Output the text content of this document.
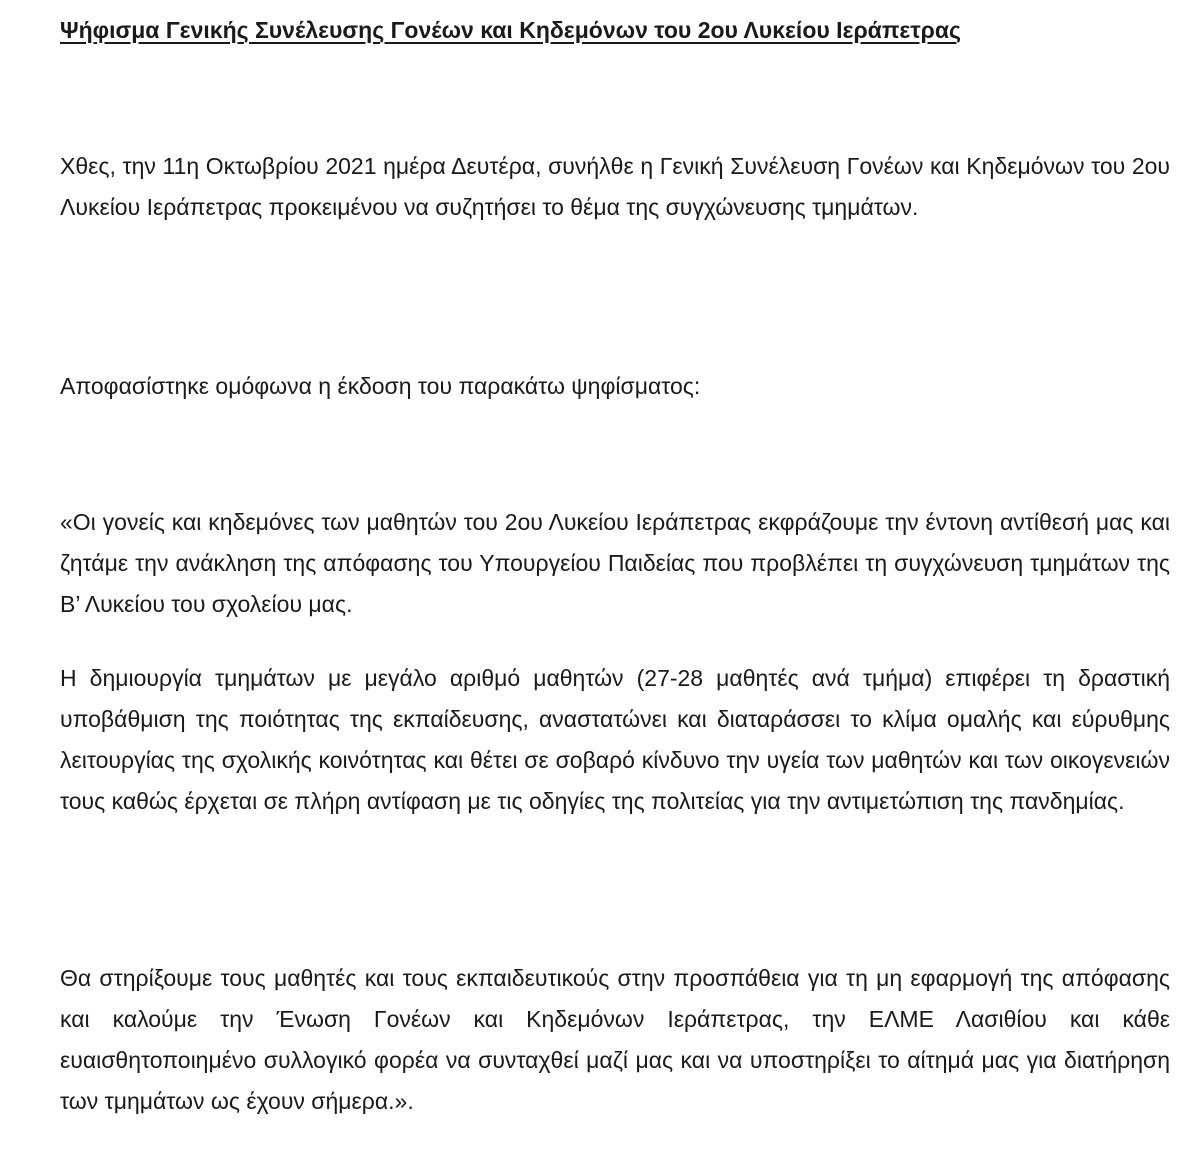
Ψήφισμα Γενικής Συνέλευσης Γονέων και Κηδεμόνων του 2ου Λυκείου Ιεράπετρας

Χθες, την 11η Οκτωβρίου 2021 ημέρα Δευτέρα, συνήλθε η Γενική Συνέλευση Γονέων και Κηδεμόνων του 2ου Λυκείου Ιεράπετρας προκειμένου να συζητήσει το θέμα της συγχώνευσης τμημάτων.

Αποφασίστηκε ομόφωνα η έκδοση του παρακάτω ψηφίσματος:

«Οι γονείς και κηδεμόνες των μαθητών του 2ου Λυκείου Ιεράπετρας εκφράζουμε την έντονη αντίθεσή μας και ζητάμε την ανάκληση της απόφασης του Υπουργείου Παιδείας που προβλέπει τη συγχώνευση τμημάτων της Β’ Λυκείου του σχολείου μας.

Η δημιουργία τμημάτων με μεγάλο αριθμό μαθητών (27-28 μαθητές ανά τμήμα) επιφέρει τη δραστική υποβάθμιση της ποιότητας της εκπαίδευσης, αναστατώνει και διαταράσσει το κλίμα ομαλής και εύρυθμης λειτουργίας της σχολικής κοινότητας και θέτει σε σοβαρό κίνδυνο την υγεία των μαθητών και των οικογενειών τους καθώς έρχεται σε πλήρη αντίφαση με τις οδηγίες της πολιτείας για την αντιμετώπιση της πανδημίας.

Θα στηρίξουμε τους μαθητές και τους εκπαιδευτικούς στην προσπάθεια για τη μη εφαρμογή της απόφασης και καλούμε την Ένωση Γονέων και Κηδεμόνων Ιεράπετρας, την ΕΛΜΕ Λασιθίου και κάθε ευαισθητοποιημένο συλλογικό φορέα να συνταχθεί μαζί μας και να υποστηρίξει το αίτημά μας για διατήρηση των τμημάτων ως έχουν σήμερα.».
